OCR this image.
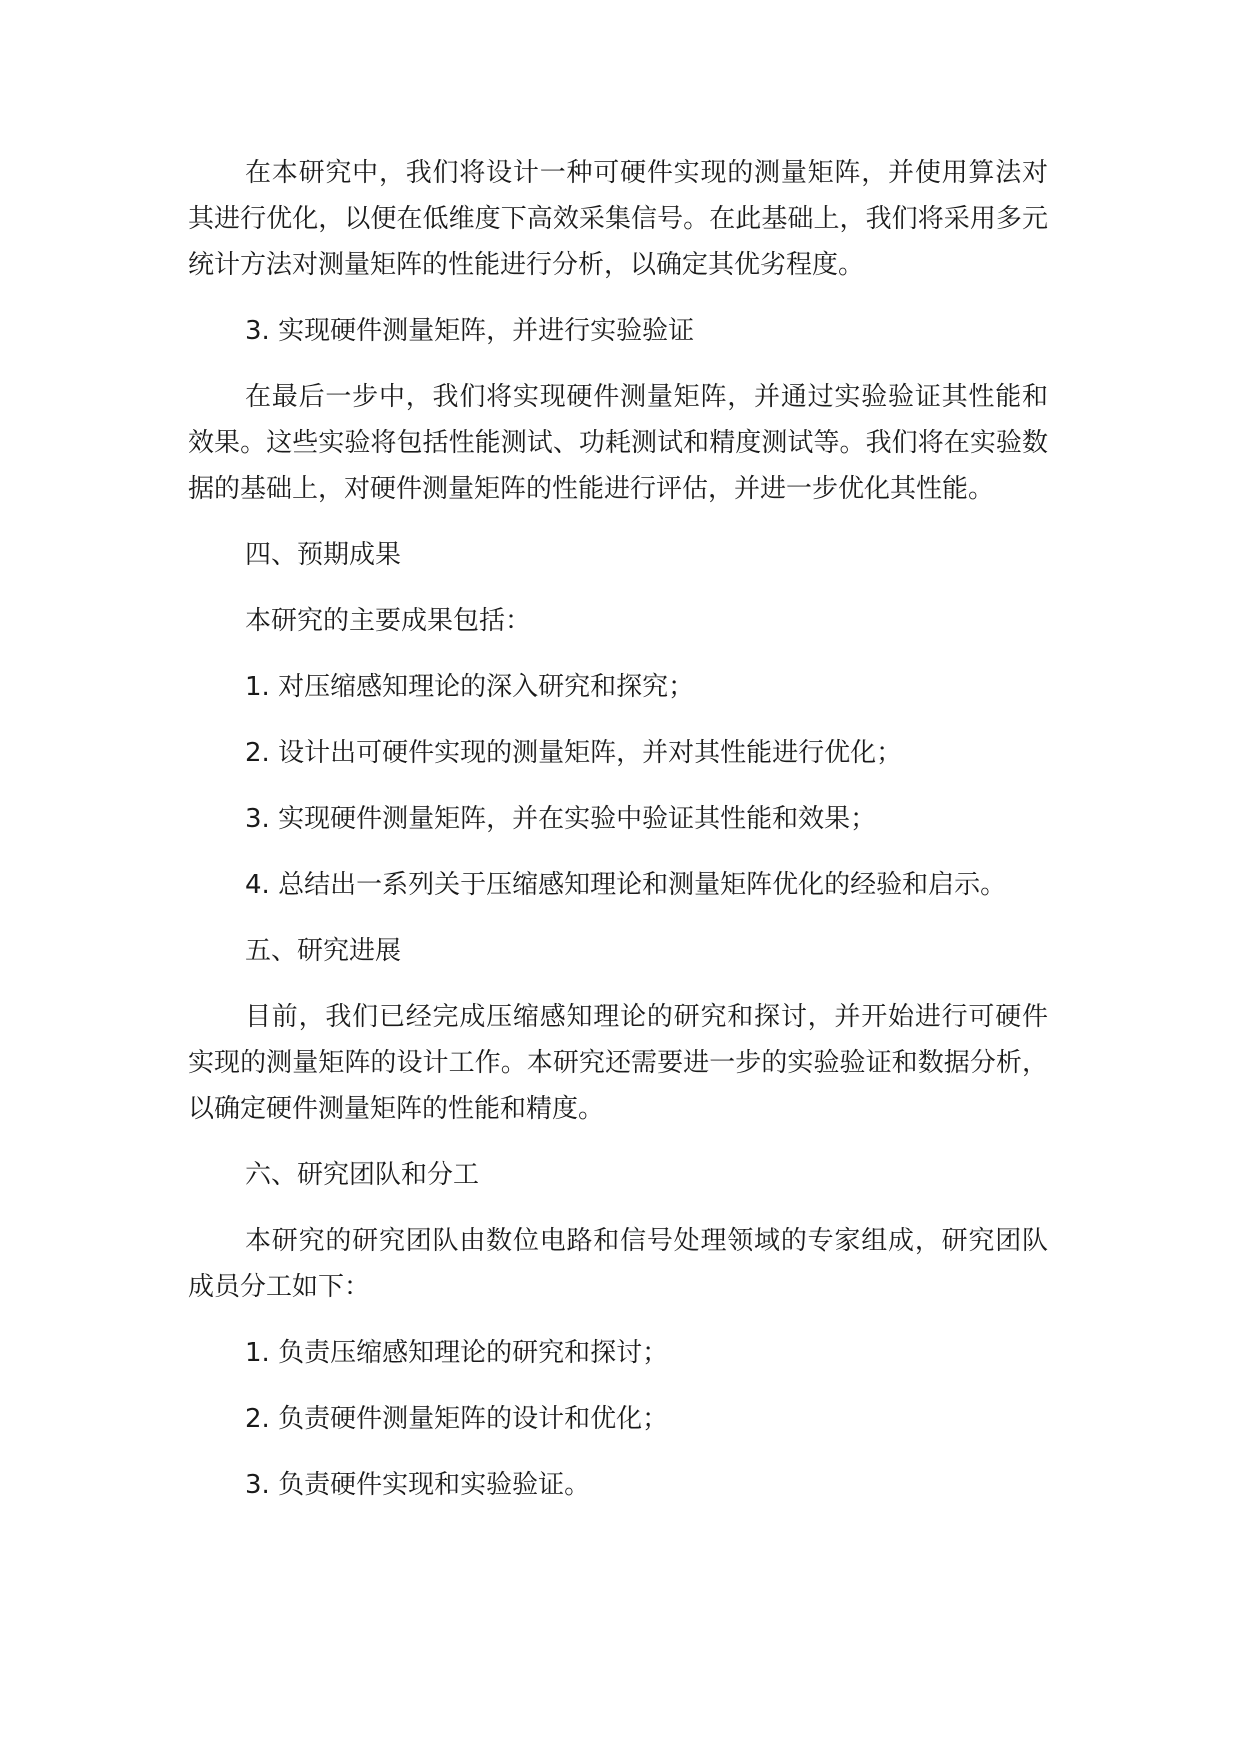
在本研究中，我们将设计一种可硬件实现的测量矩阵，并使用算法对其进行优化，以便在低维度下高效采集信号。在此基础上，我们将采用多元统计方法对测量矩阵的性能进行分析，以确定其优劣程度。

3. 实现硬件测量矩阵，并进行实验验证

在最后一步中，我们将实现硬件测量矩阵，并通过实验验证其性能和效果。这些实验将包括性能测试、功耗测试和精度测试等。我们将在实验数据的基础上，对硬件测量矩阵的性能进行评估，并进一步优化其性能。

四、预期成果

本研究的主要成果包括：

1. 对压缩感知理论的深入研究和探究；

2. 设计出可硬件实现的测量矩阵，并对其性能进行优化；

3. 实现硬件测量矩阵，并在实验中验证其性能和效果；

4. 总结出一系列关于压缩感知理论和测量矩阵优化的经验和启示。

五、研究进展

目前，我们已经完成压缩感知理论的研究和探讨，并开始进行可硬件实现的测量矩阵的设计工作。本研究还需要进一步的实验验证和数据分析，以确定硬件测量矩阵的性能和精度。

六、研究团队和分工

本研究的研究团队由数位电路和信号处理领域的专家组成，研究团队成员分工如下：

1. 负责压缩感知理论的研究和探讨；

2. 负责硬件测量矩阵的设计和优化；

3. 负责硬件实现和实验验证。
